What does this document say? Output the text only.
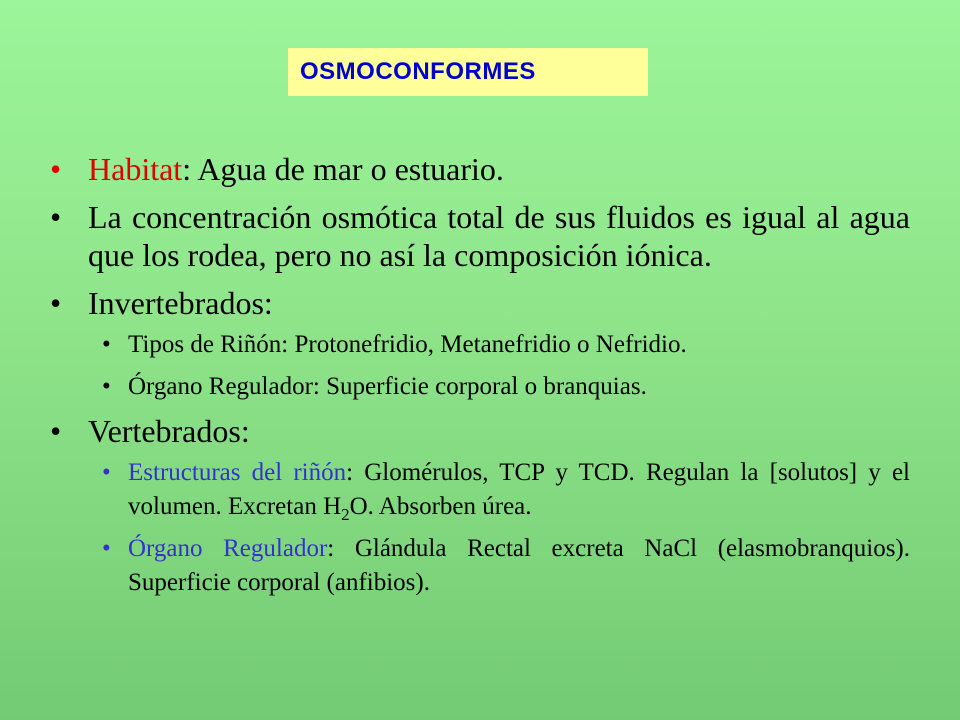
OSMOCONFORMES
• Habitat: Agua de mar o estuario.
• La concentración osmótica total de sus fluidos es igual al agua que los rodea, pero no así la composición iónica.
• Invertebrados:
• Tipos de Riñón: Protonefridio, Metanefridio o Nefridio.
• Órgano Regulador: Superficie corporal o branquias.
• Vertebrados:
• Estructuras del riñón: Glomérulos, TCP y TCD. Regulan la [solutos] y el volumen. Excretan $H_2O$. Absorben úrea.
• Órgano Regulador: Glándula Rectal excreta NaCl (elasmobranquios). Superficie corporal (anfibios).
